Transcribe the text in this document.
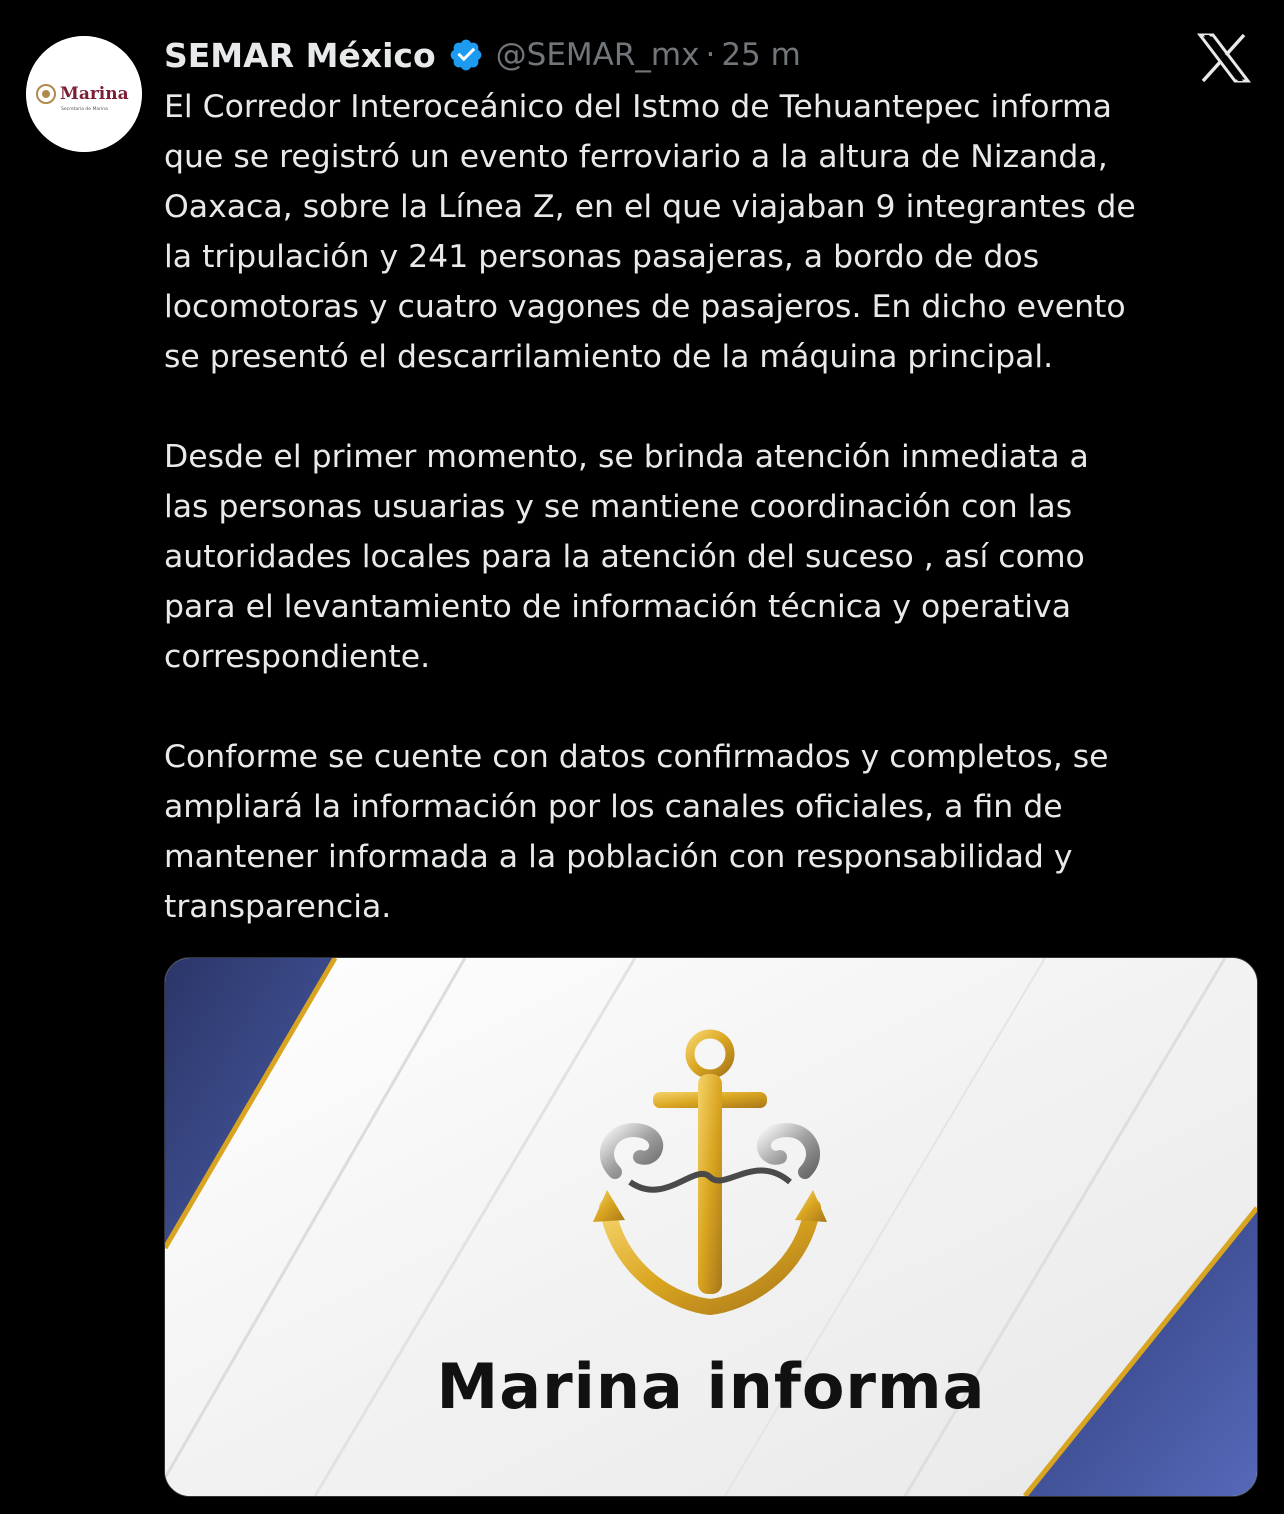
Marina
Secretaría de Marina
SEMAR México @SEMAR_mx · 25 m

El Corredor Interoceánico del Istmo de Tehuantepec informa

que se registró un evento ferroviario a la altura de Nizanda,

Oaxaca, sobre la Línea Z, en el que viajaban 9 integrantes de

la tripulación y 241 personas pasajeras, a bordo de dos

locomotoras y cuatro vagones de pasajeros. En dicho evento

se presentó el descarrilamiento de la máquina principal.

Desde el primer momento, se brinda atención inmediata a

las personas usuarias y se mantiene coordinación con las

autoridades locales para la atención del suceso , así como

para el levantamiento de información técnica y operativa

correspondiente.

Conforme se cuente con datos confirmados y completos, se

ampliará la información por los canales oficiales, a fin de

mantener informada a la población con responsabilidad y

transparencia.

Marina informa
